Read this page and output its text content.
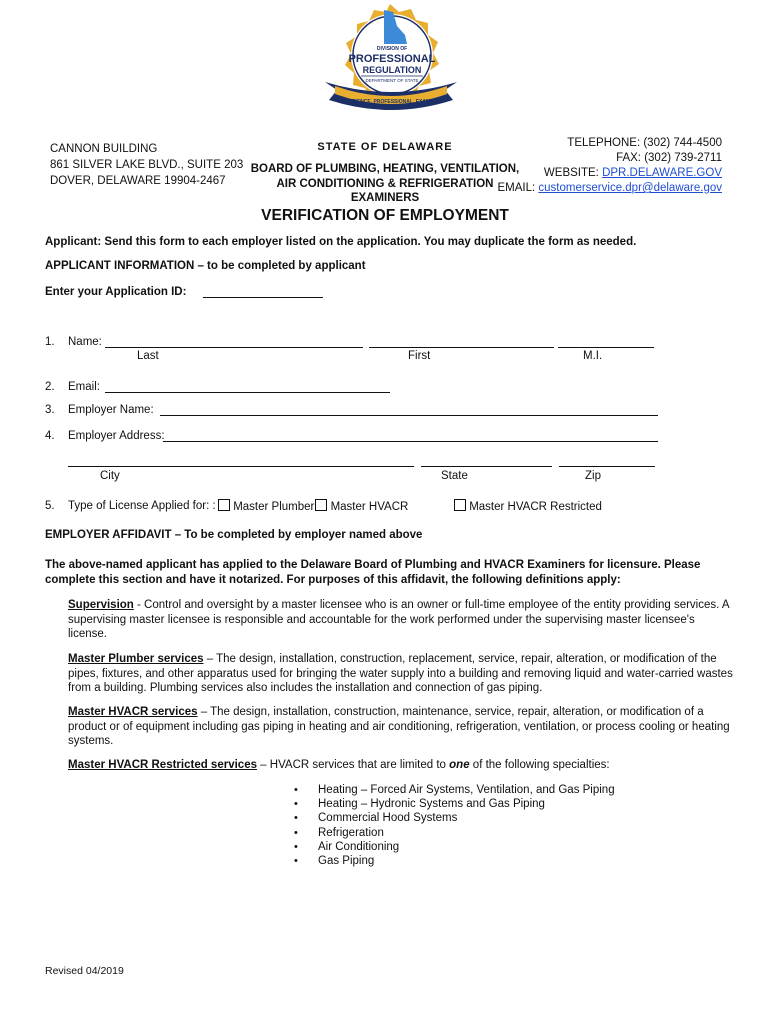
DIVISION OF
PROFESSIONAL
REGULATION
DEPARTMENT OF STATE
EXPERIENCE. PROFESSIONAL. EXAMINED.
CANNON BUILDING
861 SILVER LAKE BLVD., SUITE 203
DOVER, DELAWARE 19904-2467
STATE OF DELAWARE
BOARD OF PLUMBING, HEATING, VENTILATION,
AIR CONDITIONING & REFRIGERATION
EXAMINERS
TELEPHONE: (302) 744-4500
FAX: (302) 739-2711
WEBSITE: DPR.DELAWARE.GOV
EMAIL: customerservice.dpr@delaware.gov
VERIFICATION OF EMPLOYMENT
Applicant: Send this form to each employer listed on the application. You may duplicate the form as needed.
APPLICANT INFORMATION – to be completed by applicant
Enter your Application ID:
1. Name:
Last	First	M.I.
2. Email:
3. Employer Name:
4. Employer Address:
City	State	Zip
5. Type of License Applied for: :	Master Plumber Master HVACR	Master HVACR Restricted
EMPLOYER AFFIDAVIT – To be completed by employer named above
The above-named applicant has applied to the Delaware Board of Plumbing and HVACR Examiners for licensure. Please
complete this section and have it notarized. For purposes of this affidavit, the following definitions apply:
Supervision - Control and oversight by a master licensee who is an owner or full-time employee of the entity providing services. A
supervising master licensee is responsible and accountable for the work performed under the supervising master licensee's
license.
Master Plumber services – The design, installation, construction, replacement, service, repair, alteration, or modification of the
pipes, fixtures, and other apparatus used for bringing the water supply into a building and removing liquid and water-carried wastes
from a building. Plumbing services also includes the installation and connection of gas piping.
Master HVACR services – The design, installation, construction, maintenance, service, repair, alteration, or modification of a
product or of equipment including gas piping in heating and air conditioning, refrigeration, ventilation, or process cooling or heating
systems.
Master HVACR Restricted services – HVACR services that are limited to one of the following specialties:
• Heating – Forced Air Systems, Ventilation, and Gas Piping
• Heating – Hydronic Systems and Gas Piping
• Commercial Hood Systems
• Refrigeration
• Air Conditioning
• Gas Piping
Revised 04/2019
